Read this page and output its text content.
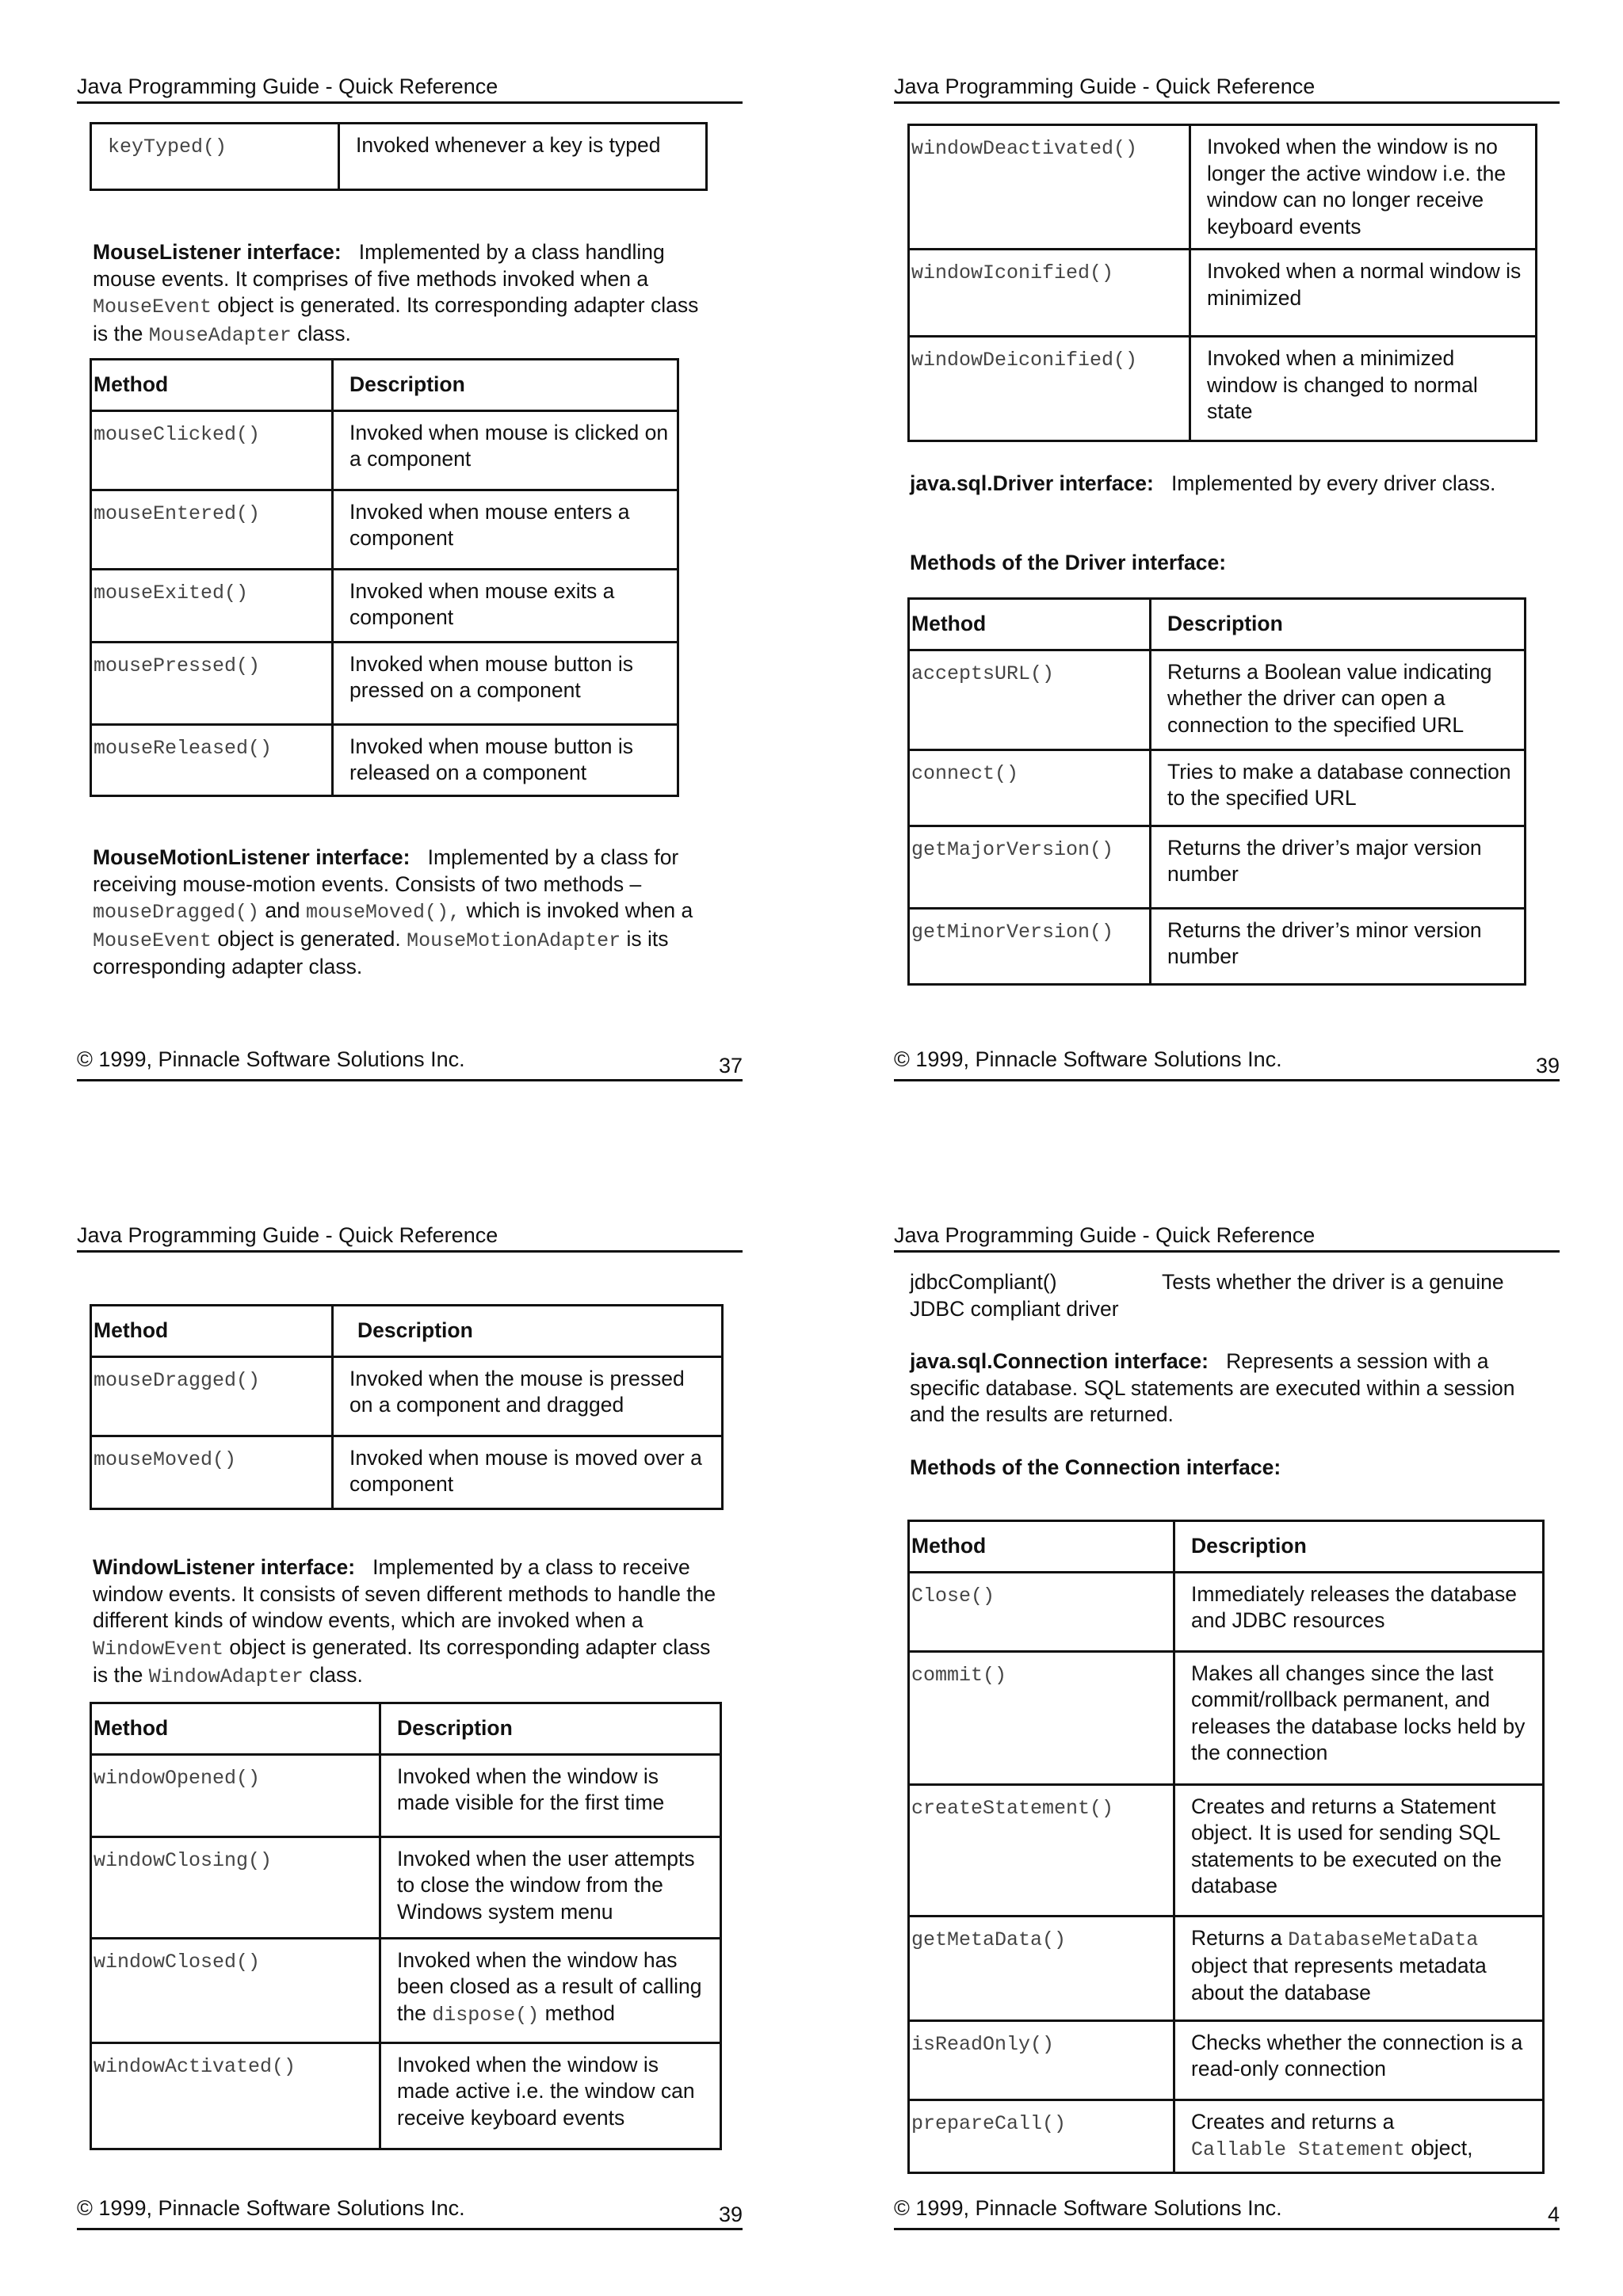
Java Programming Guide - Quick Reference
keyTyped()	Invoked whenever a key is typed
MouseListener interface: Implemented by a class handling mouse events. It comprises of five methods invoked when a MouseEvent object is generated. Its corresponding adapter class is the MouseAdapter class.
Method	Description

mouseClicked()	Invoked when mouse is clicked on a component

mouseEntered()	Invoked when mouse enters a component

mouseExited()	Invoked when mouse exits a component

mousePressed()	Invoked when mouse button is pressed on a component

mouseReleased()	Invoked when mouse button is released on a component
MouseMotionListener interface: Implemented by a class for receiving mouse-motion events. Consists of two methods – mouseDragged() and mouseMoved(), which is invoked when a MouseEvent object is generated. MouseMotionAdapter is its corresponding adapter class.
© 1999, Pinnacle Software Solutions Inc.	37
Java Programming Guide - Quick Reference
windowDeactivated()	Invoked when the window is no longer the active window i.e. the window can no longer receive keyboard events

windowIconified()	Invoked when a normal window is minimized

windowDeiconified()	Invoked when a minimized window is changed to normal state
java.sql.Driver interface: Implemented by every driver class.
Methods of the Driver interface:
Method	Description

acceptsURL()	Returns a Boolean value indicating whether the driver can open a connection to the specified URL

connect()	Tries to make a database connection to the specified URL

getMajorVersion()	Returns the driver’s major version number

getMinorVersion()	Returns the driver’s minor version number
© 1999, Pinnacle Software Solutions Inc.	39
Java Programming Guide - Quick Reference
Method	Description

mouseDragged()	Invoked when the mouse is pressed on a component and dragged

mouseMoved()	Invoked when mouse is moved over a component
WindowListener interface: Implemented by a class to receive window events. It consists of seven different methods to handle the different kinds of window events, which are invoked when a WindowEvent object is generated. Its corresponding adapter class is the WindowAdapter class.
Method	Description

windowOpened()	Invoked when the window is made visible for the first time

windowClosing()	Invoked when the user attempts to close the window from the Windows system menu

windowClosed()	Invoked when the window has been closed as a result of calling the dispose() method

windowActivated()	Invoked when the window is made active i.e. the window can receive keyboard events
© 1999, Pinnacle Software Solutions Inc.	39
Java Programming Guide - Quick Reference
jdbcCompliant()	Tests whether the driver is a genuine
JDBC compliant driver
java.sql.Connection interface: Represents a session with a specific database. SQL statements are executed within a session and the results are returned.
Methods of the Connection interface:
Method	Description

Close()	Immediately releases the database and JDBC resources

commit()	Makes all changes since the last commit/rollback permanent, and releases the database locks held by the connection

createStatement()	Creates and returns a Statement object. It is used for sending SQL statements to be executed on the database

getMetaData()	Returns a DatabaseMetaData object that represents metadata about the database

isReadOnly()	Checks whether the connection is a read-only connection

prepareCall()	Creates and returns a
Callable Statement object,
© 1999, Pinnacle Software Solutions Inc.	4
